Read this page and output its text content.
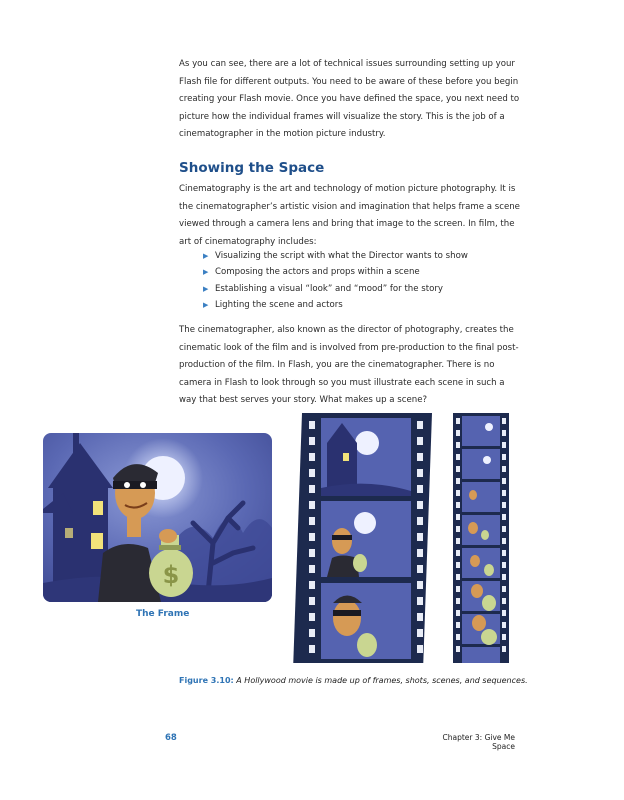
As you can see, there are a lot of technical issues surrounding setting up your Flash file for different outputs. You need to be aware of these before you begin creating your Flash movie. Once you have defined the space, you next need to picture how the individual frames will visualize the story. This is the job of a cinematographer in the motion picture industry.

Showing the Space

Cinematography is the art and technology of motion picture photography. It is the cinematographer’s artistic vision and imagination that helps frame a scene viewed through a camera lens and bring that image to the screen. In film, the art of cinematography includes:

▶ Visualizing the script with what the Director wants to show
▶ Composing the actors and props within a scene
▶ Establishing a visual “look” and “mood” for the story
▶ Lighting the scene and actors

The cinematographer, also known as the director of photography, creates the cinematic look of the film and is involved from pre-production to the final post-production of the film. In Flash, you are the cinematographer. There is no camera in Flash to look through so you must illustrate each scene in such a way that best serves your story. What makes up a scene?

$
The Frame
Figure 3.10: A Hollywood movie is made up of frames, shots, scenes, and sequences.
68	Chapter 3: Give Me Space
